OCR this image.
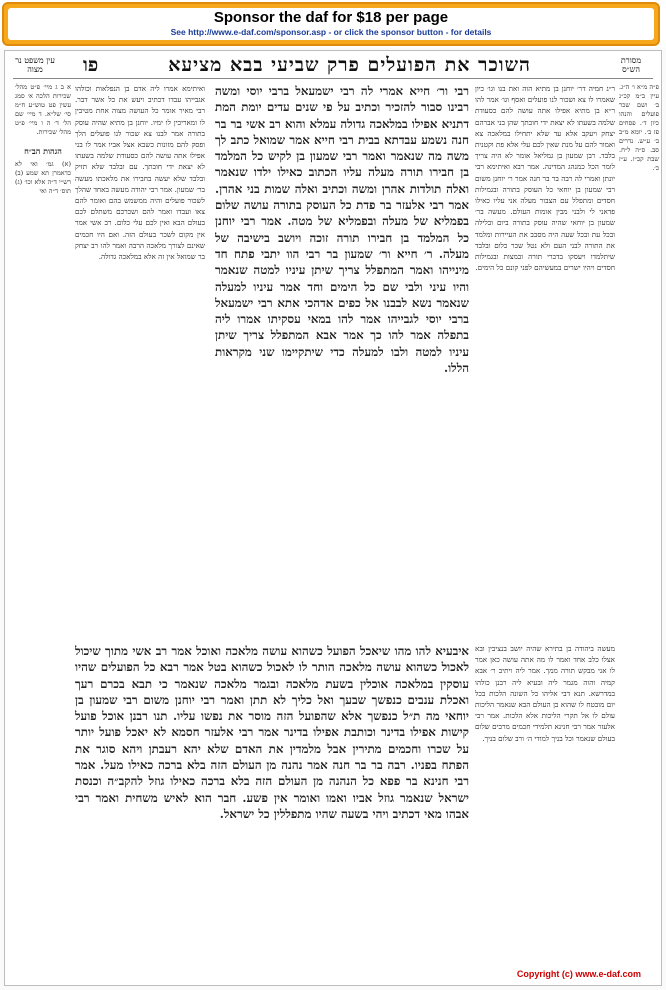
Sponsor the daf for $18 per page
See http://www.e-daf.com/sponsor.asp - or click the sponsor button - for details
מסורת הש״ס
השוכר את הפועלים פרק שביעי בבא מציעא
פו
עין משפט נר מצוה
פ״ה מ״א ו׳ ה״ג. עיין ב״מ קכ״ג ב׳ ושם שכר פועלים והנהו כיון ד׳. פסחים פז ב׳. יומא מ״ב ב׳ ע״ש. נדרים סב. ס״ה ל״ח. שבת קכ״ז. ע״ז כ׳.
ר״ג חמיה דר׳ יוחנן בן מתיא הוה ואת בנו וגו׳ כיון שאמרו לו צא ושכור לנו פועלים ואסף וגו׳ אמר להו ר״א בן מתיא אפילו אתה עושה להם כסעודת שלמה בשעתו לא יצאת ידי חובתך שהן בני אברהם יצחק ויעקב אלא עד שלא יתחילו במלאכה צא ואמור להם על מנת שאין לכם עלי אלא פת וקטנית בלבד. רבן שמעון בן גמליאל אומר לא היה צריך לומר הכל כמנהג המדינה. אמר רבא ואיתימא רבי יונתן ואמרי לה רבה בר בר חנה אמר ר׳ יוחנן משום רבי שמעון בן יוחאי כל העוסק בתורה ובגמילות חסדים ומתפלל עם הצבור מעלה אני עליו כאילו פדאני לי ולבני מבין אומות העולם. מעשה בר׳ שמעון בן יוחאי שהיה עוסק בתורה ביום ובלילה ובכל עת ובכל שעה היה מסבב את העיירות ומלמד את התורה לבני העם ולא נטל שכר כלום ובלבד שיתלמדו ויעסקו בדברי תורה ובמצות ובגמילות חסדים ויהיו ישרים במעשיהם לפני קונם כל הימים.
רבי ור׳ חייא אמרי לה רבי ישמעאל ברבי יוסי ומשה רבינו סבור להזכיר וכתיב על פי שנים עדים יומת המת דתניא אפילו במלאכה גדולה עמלא והוא רב אשי בר בר חנה נשמע עבדתא בבית רבי חייא אמר שמואל כתב לך משה מה שנאמר ואמר רבי שמעון בן לקיש כל המלמד בן חבירו תורה מעלה עליו הכתוב כאילו ילדו שנאמר ואלה תולדות אהרן ומשה וכתיב ואלה שמות בני אהרן. אמר רבי אלעזר בר פדת כל העוסק בתורה עושה שלום בפמליא של מעלה ובפמליא של מטה. אמר רבי יוחנן כל המלמד בן חבירו תורה זוכה ויושב בישיבה של מעלה. ר׳ חייא ור׳ שמעון בר רבי הוו יתבי פתח חד מינייהו ואמר המתפלל צריך שיתן עיניו למטה שנאמר והיו עיני ולבי שם כל הימים וחד אמר עיניו למעלה שנאמר נשא לבבנו אל כפים אדהכי אתא רבי ישמעאל ברבי יוסי לגבייהו אמר להו במאי עסקיתו אמרו ליה בתפלה אמר להו כך אמר אבא המתפלל צריך שיתן עיניו למטה ולבו למעלה כדי שיתקיימו שני מקראות הללו.
ואיתימא אמרו ליה אדם בן הנפלאות וכולהו אגבייהו עבדו דכתיב ויעש את כל אשר דבר. רבי מאיר אומר כל העושה מצוה אחת מטיבין לו ומאריכין לו ימיו. יוחנן בן מתיא שהיה עוסק בתורה אמר לבנו צא שכור לנו פועלים הלך ופסק להם מזונות כשבא אצל אביו אמר לו בני אפילו אתה עושה להם כסעודת שלמה בשעתו לא יצאת ידי חובתך. עם ובלבד שלא תזיק ובלבד שלא יעשה בחבירו את מלאכתו מעשה בר׳ שמעון. אמר רבי יהודה מעשה באחד שהלך לשכור פועלים והיה ממשמש בהם ואומר להם צאו ועבדו ואמר להם ושכרכם משתלם לכם בעולם הבא ואין לכם עלי כלום. רב אשי אמר אין מקום לשכר בעולם הזה. ואם היו חכמים שאינם לצורך מלאכה הרבה ואמר להו רב יצחק בר שמואל אין זה אלא במלאכה גדולה.
א ב ג מיי׳ פ״ט מהל׳ שכירות הלכה א׳ סמג עשין פט טוש״ע ח״מ סי׳ של״א. ד מיי׳ שם הל׳ ד׳ ה ו מיי׳ פ״ט מהל׳ שכירות.
הגהות הב״ח
(א) גמ׳ ואי לא כדאמרן תא שמע (ב) רש״י ד״ה אלא וכו׳ (ג) תוס׳ ד״ה ואי
איבעיא להו מהו שיאכל הפועל כשהוא עושה מלאכה ואוכל אמר רב אשי מתוך שיכול לאכול כשהוא עושה מלאכה הותר לו לאכול כשהוא בטל אמר רבא כל הפועלים שהיו עוסקין במלאכה אוכלין בשעת מלאכה ובגמר מלאכה שנאמר כי תבא בכרם רעך ואכלת ענבים כנפשך שבעך ואל כליך לא תתן ואמר רבי יוחנן משום רבי שמעון בן יוחאי מה ת״ל כנפשך אלא שהפועל הזה מוסר את נפשו עליו. תנו רבנן אוכל פועל קישות אפילו בדינר וכותבת אפילו בדינר אמר רבי אלעזר חסמא לא יאכל פועל יותר על שכרו וחכמים מתירין אבל מלמדין את האדם שלא יהא רעבתן ויהא סוגר את הפתח בפניו. רבה בר בר חנה אמר נהנה מן העולם הזה בלא ברכה כאילו מעל. אמר רבי חנינא בר פפא כל הנהנה מן העולם הזה בלא ברכה כאילו גוזל להקב״ה וכנסת ישראל שנאמר גוזל אביו ואמו ואומר אין פשע. חבר הוא לאיש משחית ואמר רבי אבהו מאי דכתיב ויהי בשעה שהיו מתפללין כל ישראל.
מעשה ביהודה בן בתירא שהיה יושב בנציבין ובא אצלו כלב אחד ואמר לו מה אתה עושה כאן אמר לו אני מבקש תורה ממך. אמר ליה ויתיב ר׳ אבא קמיה והוה מגמר ליה ובעיא ליה רבנן כולהו במדרשא. תנא דבי אליהו כל השונה הלכות בכל יום מובטח לו שהוא בן העולם הבא שנאמר הליכות עולם לו אל תקרי הליכות אלא הלכות. אמר רבי אלעזר אמר רבי חנינא תלמידי חכמים מרבים שלום בעולם שנאמר וכל בניך למודי ה׳ ורב שלום בניך.
Copyright (c) www.e-daf.com
